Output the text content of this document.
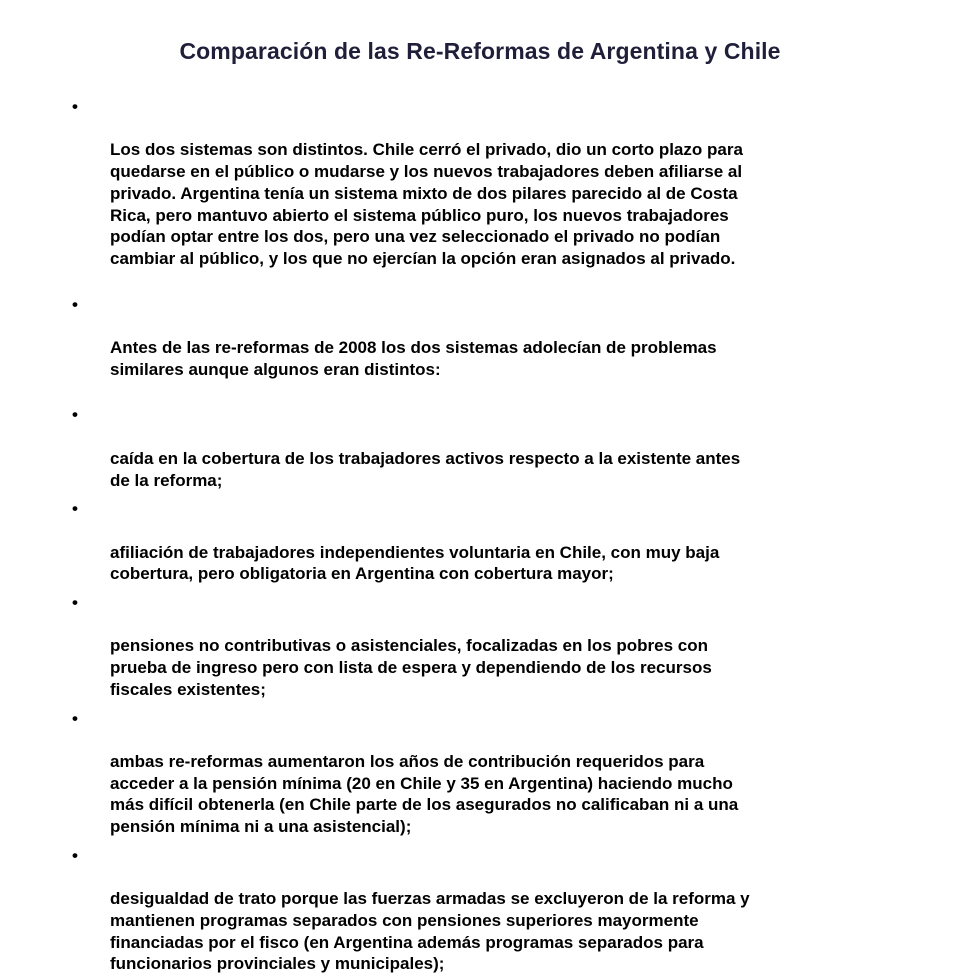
Comparación de las Re-Reformas de Argentina y Chile

•

Los dos sistemas son distintos. Chile cerró el privado, dio un corto plazo para
quedarse en el público o mudarse y los nuevos trabajadores deben afiliarse al
privado. Argentina tenía un sistema mixto de dos pilares parecido al de Costa
Rica, pero mantuvo abierto el sistema público puro, los nuevos trabajadores
podían optar entre los dos, pero una vez seleccionado el privado no podían
cambiar al público, y los que no ejercían la opción eran asignados al privado.

•

Antes de las re-reformas de 2008 los dos sistemas adolecían de problemas
similares aunque algunos eran distintos:

•

caída en la cobertura de los trabajadores activos respecto a la existente antes
de la reforma;

•

afiliación de trabajadores independientes voluntaria en Chile, con muy baja
cobertura, pero obligatoria en Argentina con cobertura mayor;

•

pensiones no contributivas o asistenciales, focalizadas en los pobres con
prueba de ingreso pero con lista de espera y dependiendo de los recursos
fiscales existentes;

•

ambas re-reformas aumentaron los años de contribución requeridos para
acceder a la pensión mínima (20 en Chile y 35 en Argentina) haciendo mucho
más difícil obtenerla (en Chile parte de los asegurados no calificaban ni a una
pensión mínima ni a una asistencial);

•

desigualdad de trato porque las fuerzas armadas se excluyeron de la reforma y
mantienen programas separados con pensiones superiores mayormente
financiadas por el fisco (en Argentina además programas separados para
funcionarios provinciales y municipales);
